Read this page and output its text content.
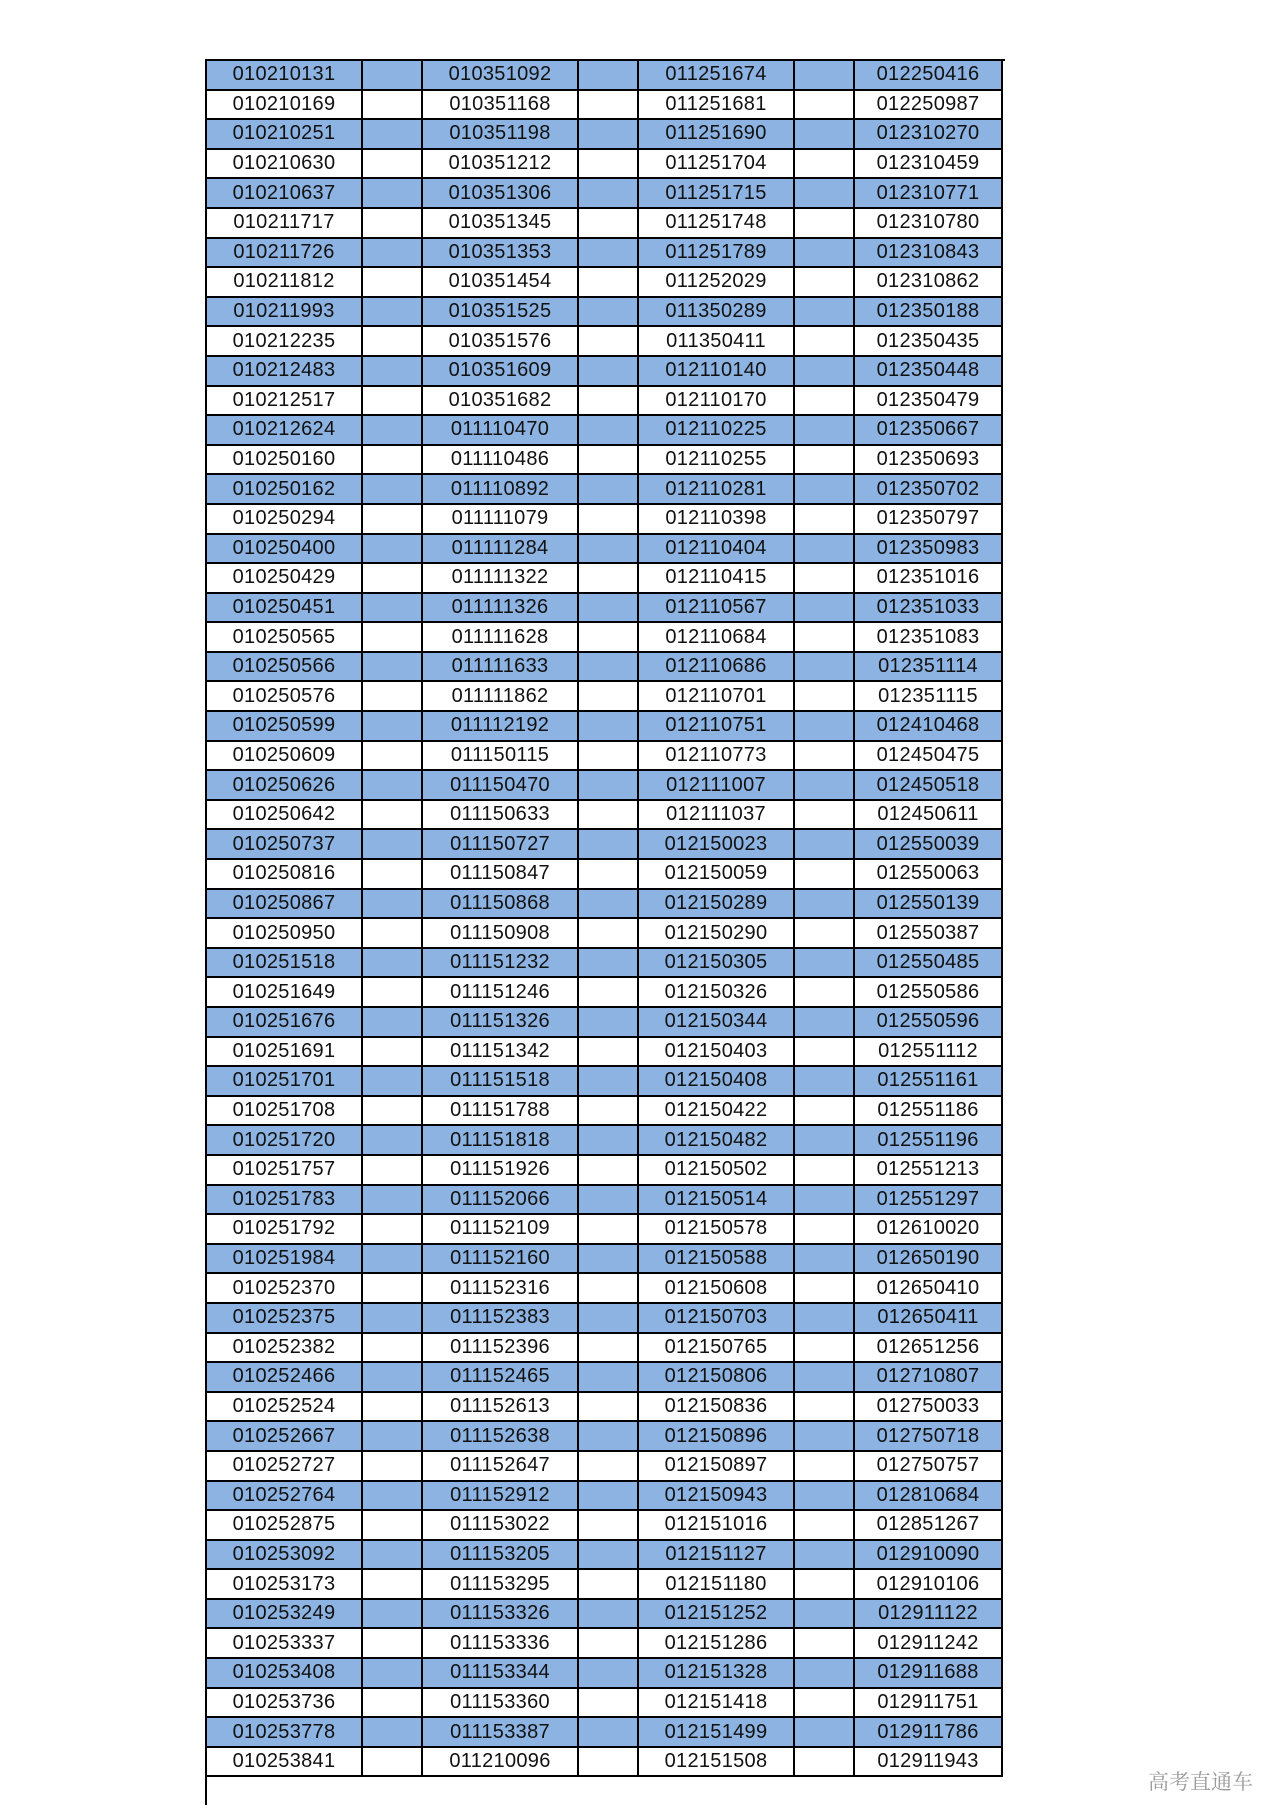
010210131	010351092	011251674	012250416
010210169	010351168	011251681	012250987
010210251	010351198	011251690	012310270
010210630	010351212	011251704	012310459
010210637	010351306	011251715	012310771
010211717	010351345	011251748	012310780
010211726	010351353	011251789	012310843
010211812	010351454	011252029	012310862
010211993	010351525	011350289	012350188
010212235	010351576	011350411	012350435
010212483	010351609	012110140	012350448
010212517	010351682	012110170	012350479
010212624	011110470	012110225	012350667
010250160	011110486	012110255	012350693
010250162	011110892	012110281	012350702
010250294	011111079	012110398	012350797
010250400	011111284	012110404	012350983
010250429	011111322	012110415	012351016
010250451	011111326	012110567	012351033
010250565	011111628	012110684	012351083
010250566	011111633	012110686	012351114
010250576	011111862	012110701	012351115
010250599	011112192	012110751	012410468
010250609	011150115	012110773	012450475
010250626	011150470	012111007	012450518
010250642	011150633	012111037	012450611
010250737	011150727	012150023	012550039
010250816	011150847	012150059	012550063
010250867	011150868	012150289	012550139
010250950	011150908	012150290	012550387
010251518	011151232	012150305	012550485
010251649	011151246	012150326	012550586
010251676	011151326	012150344	012550596
010251691	011151342	012150403	012551112
010251701	011151518	012150408	012551161
010251708	011151788	012150422	012551186
010251720	011151818	012150482	012551196
010251757	011151926	012150502	012551213
010251783	011152066	012150514	012551297
010251792	011152109	012150578	012610020
010251984	011152160	012150588	012650190
010252370	011152316	012150608	012650410
010252375	011152383	012150703	012650411
010252382	011152396	012150765	012651256
010252466	011152465	012150806	012710807
010252524	011152613	012150836	012750033
010252667	011152638	012150896	012750718
010252727	011152647	012150897	012750757
010252764	011152912	012150943	012810684
010252875	011153022	012151016	012851267
010253092	011153205	012151127	012910090
010253173	011153295	012151180	012910106
010253249	011153326	012151252	012911122
010253337	011153336	012151286	012911242
010253408	011153344	012151328	012911688
010253736	011153360	012151418	012911751
010253778	011153387	012151499	012911786
010253841	011210096	012151508	012911943
高考直通车
